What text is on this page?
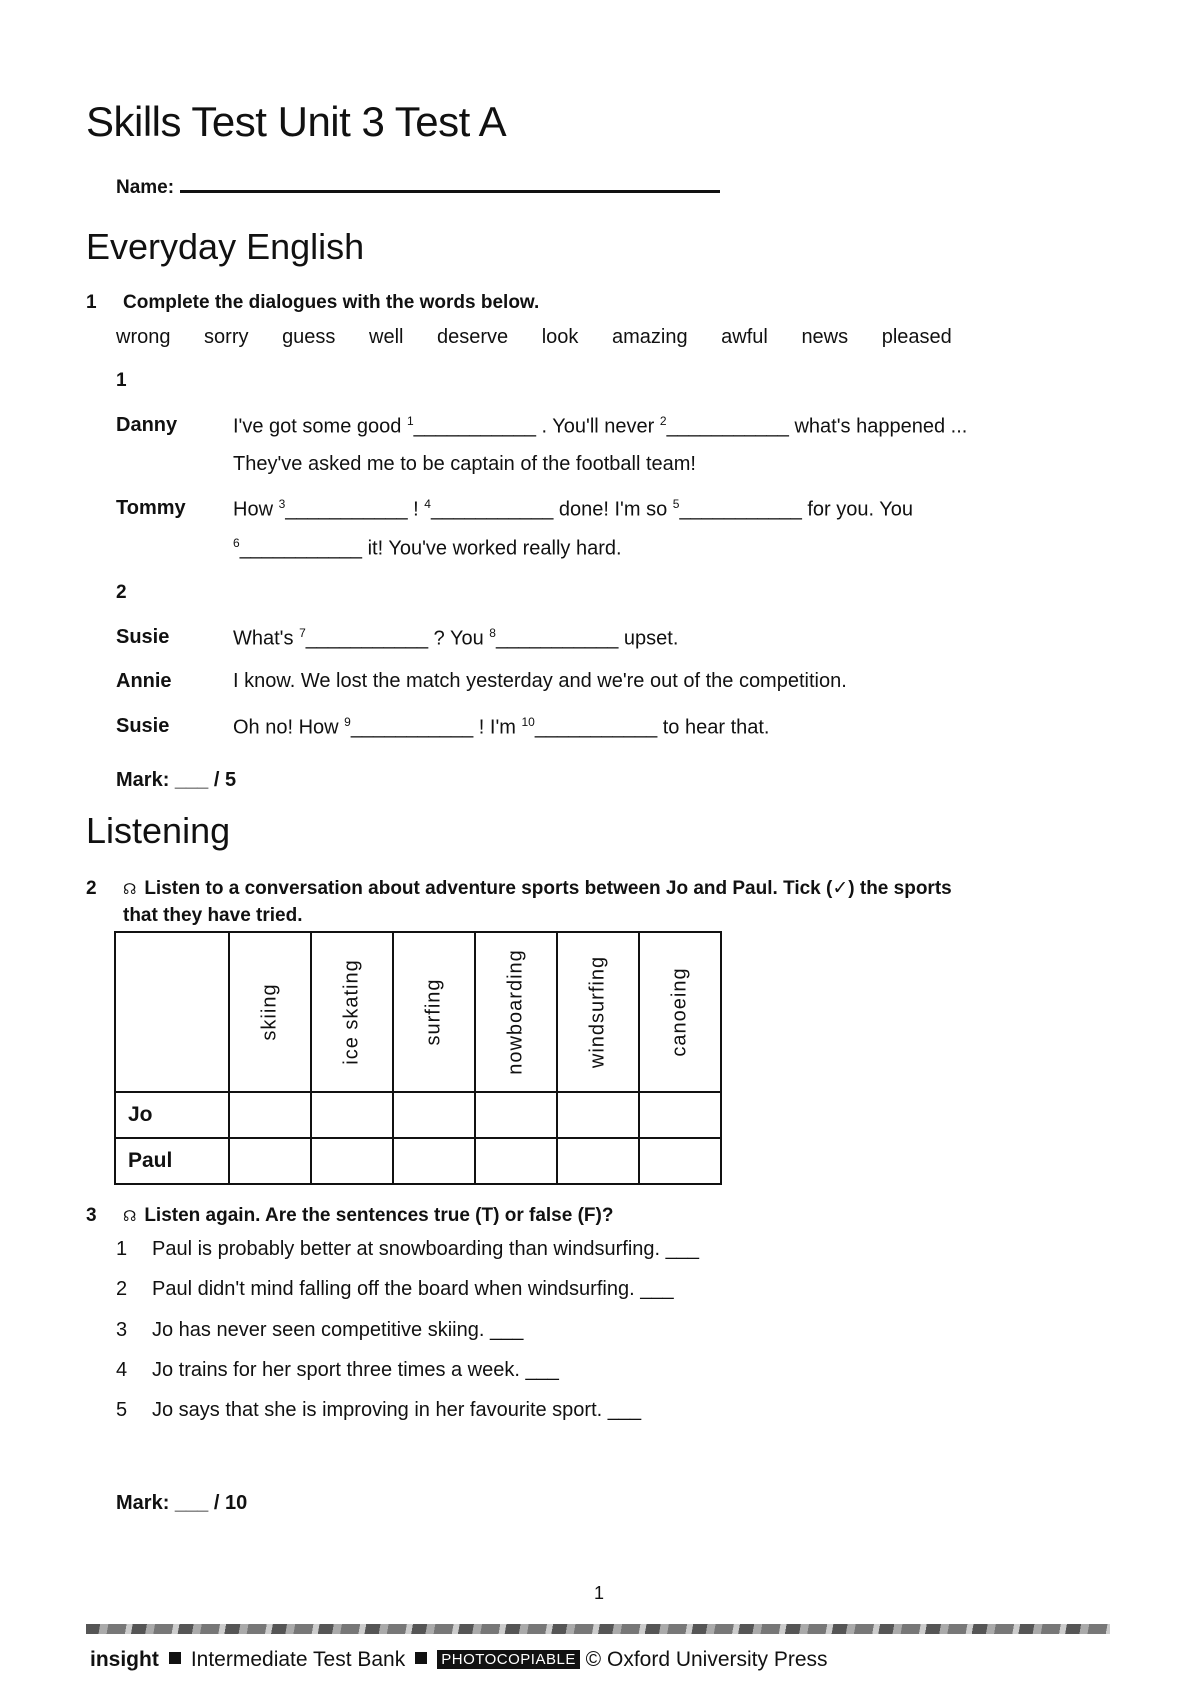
Skills Test Unit 3 Test A
Name:
Everyday English
1 Complete the dialogues with the words below.
wrong sorry guess well deserve look amazing awful news pleased
1
Danny	I've got some good $^1$___________ . You'll never $^2$___________ what's happened ...
They've asked me to be captain of the football team!
Tommy How $^3$___________ ! $^4$___________ done! I'm so $^5$___________ for you. You
$^6$___________ it! You've worked really hard.
2
Susie	What's $^7$___________ ? You $^8$___________ upset.
Annie	I know. We lost the match yesterday and we're out of the competition.
Susie	Oh no! How $^9$___________ ! I'm $^{10}$___________ to hear that.
Mark: ___ / 5
Listening
2 ☊ Listen to a conversation about adventure sports between Jo and Paul. Tick (✓) the sports
that they have tried.

	skiing	ice skating	surfing	nowboarding	windsurfing	canoeing

Jo						
Paul						
3 ☊ Listen again. Are the sentences true (T) or false (F)?
1 Paul is probably better at snowboarding than windsurfing. ___
2 Paul didn't mind falling off the board when windsurfing. ___
3 Jo has never seen competitive skiing. ___
4 Jo trains for her sport three times a week. ___
5 Jo says that she is improving in her favourite sport. ___
Mark: ___ / 10
1
insight Intermediate Test Bank PHOTOCOPIABLE © Oxford University Press
